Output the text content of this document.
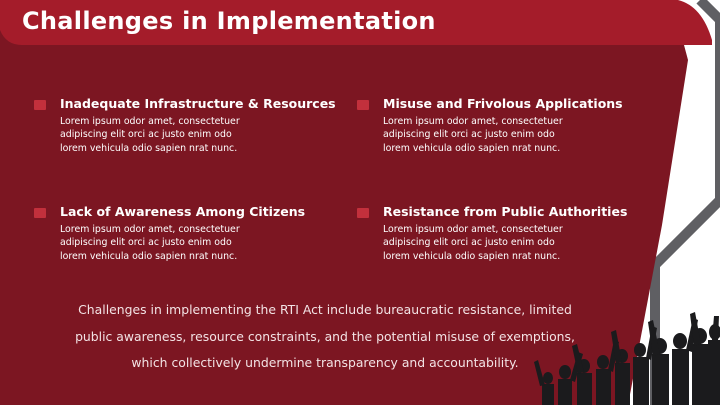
Challenges in Implementation
Inadequate Infrastructure & Resources
Lorem ipsum odor amet, consectetuer adipiscing elit orci ac justo enim odo lorem vehicula odio sapien nrat nunc.
Misuse and Frivolous Applications
Lorem ipsum odor amet, consectetuer adipiscing elit orci ac justo enim odo lorem vehicula odio sapien nrat nunc.
Lack of Awareness Among Citizens
Lorem ipsum odor amet, consectetuer adipiscing elit orci ac justo enim odo lorem vehicula odio sapien nrat nunc.
Resistance from Public Authorities
Lorem ipsum odor amet, consectetuer adipiscing elit orci ac justo enim odo lorem vehicula odio sapien nrat nunc.
Challenges in implementing the RTI Act include bureaucratic resistance, limited public awareness, resource constraints, and the potential misuse of exemptions, which collectively undermine transparency and accountability.
